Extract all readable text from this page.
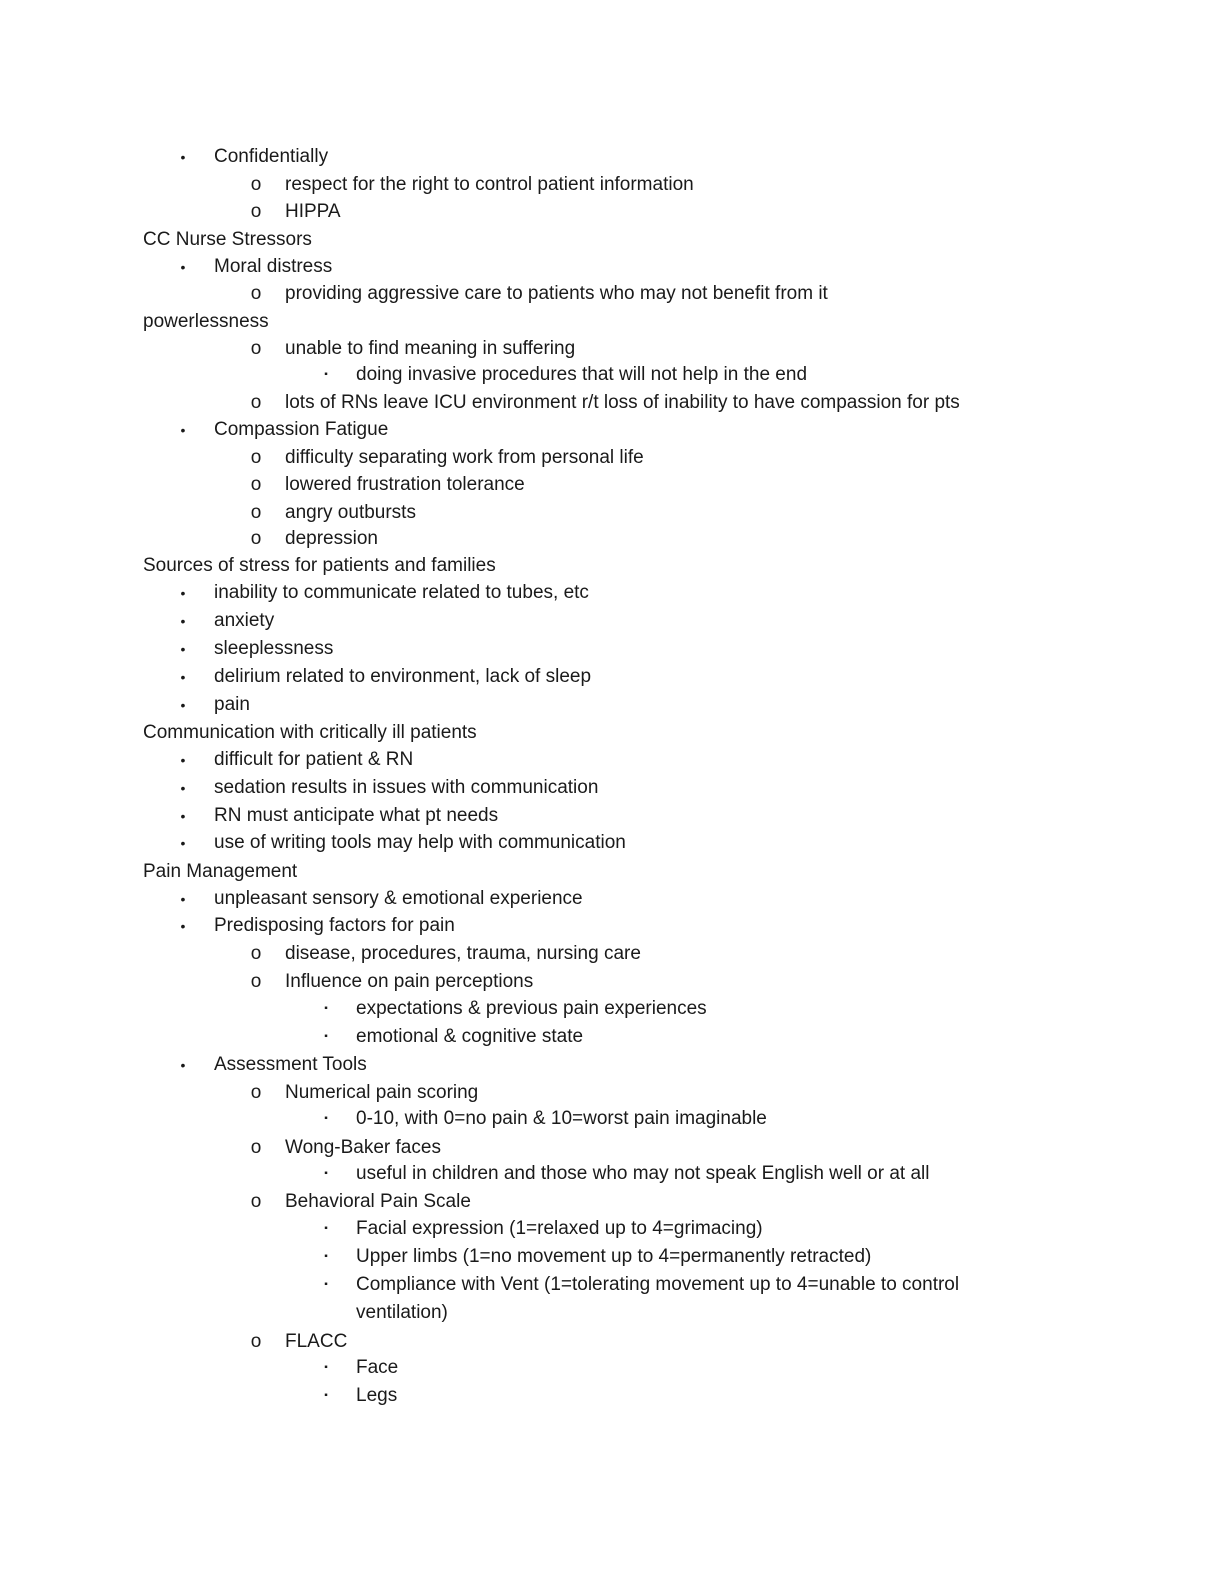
• Confidentially
o respect for the right to control patient information
o HIPPA
CC Nurse Stressors
• Moral distress
o providing aggressive care to patients who may not benefit from it
powerlessness
o unable to find meaning in suffering
▪ doing invasive procedures that will not help in the end
o lots of RNs leave ICU environment r/t loss of inability to have compassion for pts
• Compassion Fatigue
o difficulty separating work from personal life
o lowered frustration tolerance
o angry outbursts
o depression
Sources of stress for patients and families
• inability to communicate related to tubes, etc
• anxiety
• sleeplessness
• delirium related to environment, lack of sleep
• pain
Communication with critically ill patients
• difficult for patient & RN
• sedation results in issues with communication
• RN must anticipate what pt needs
• use of writing tools may help with communication
Pain Management
• unpleasant sensory & emotional experience
• Predisposing factors for pain
o disease, procedures, trauma, nursing care
o Influence on pain perceptions
▪ expectations & previous pain experiences
▪ emotional & cognitive state
• Assessment Tools
o Numerical pain scoring
▪ 0-10, with 0=no pain & 10=worst pain imaginable
o Wong-Baker faces
▪ useful in children and those who may not speak English well or at all
o Behavioral Pain Scale
▪ Facial expression (1=relaxed up to 4=grimacing)
▪ Upper limbs (1=no movement up to 4=permanently retracted)
▪ Compliance with Vent (1=tolerating movement up to 4=unable to control
ventilation)
o FLACC
▪ Face
▪ Legs
